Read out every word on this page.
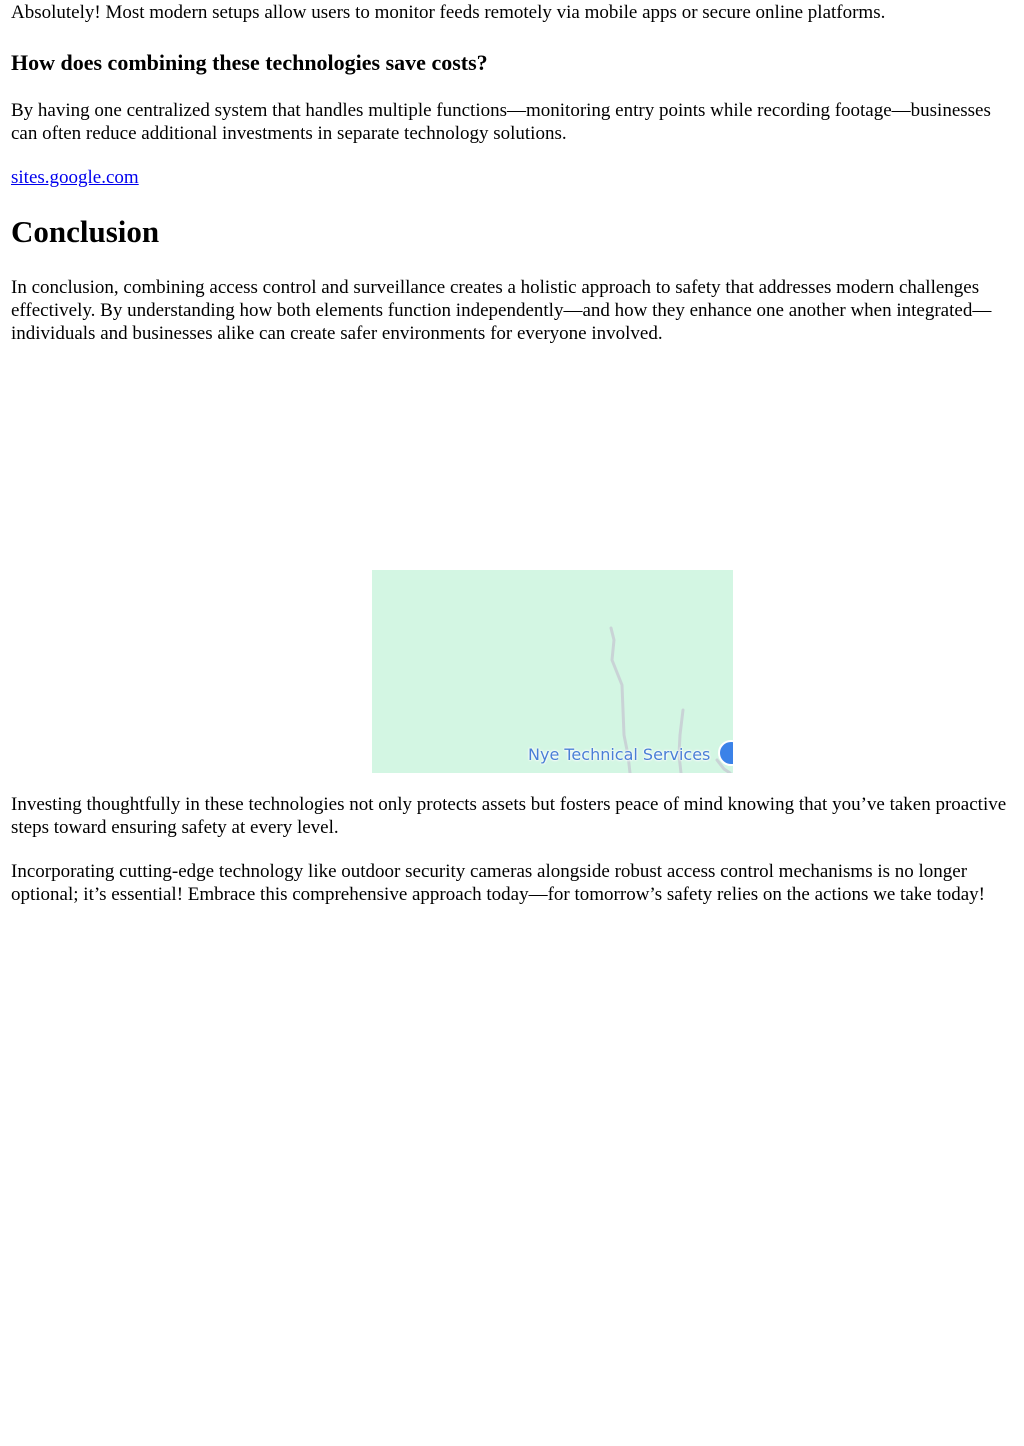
Absolutely! Most modern setups allow users to monitor feeds remotely via mobile apps or secure online platforms.

How does combining these technologies save costs?

By having one centralized system that handles multiple functions—monitoring entry points while recording footage—businesses can often reduce additional investments in separate technology solutions.

sites.google.com
Conclusion

In conclusion, combining access control and surveillance creates a holistic approach to safety that addresses modern challenges effectively. By understanding how both elements function independently—and how they enhance one another when integrated—individuals and businesses alike can create safer environments for everyone involved.

Investing thoughtfully in these technologies not only protects assets but fosters peace of mind knowing that you’ve taken proactive steps toward ensuring safety at every level.

Incorporating cutting-edge technology like outdoor security cameras alongside robust access control mechanisms is no longer optional; it’s essential! Embrace this comprehensive approach today—for tomorrow’s safety relies on the actions we take today!

Nye Technical Services
